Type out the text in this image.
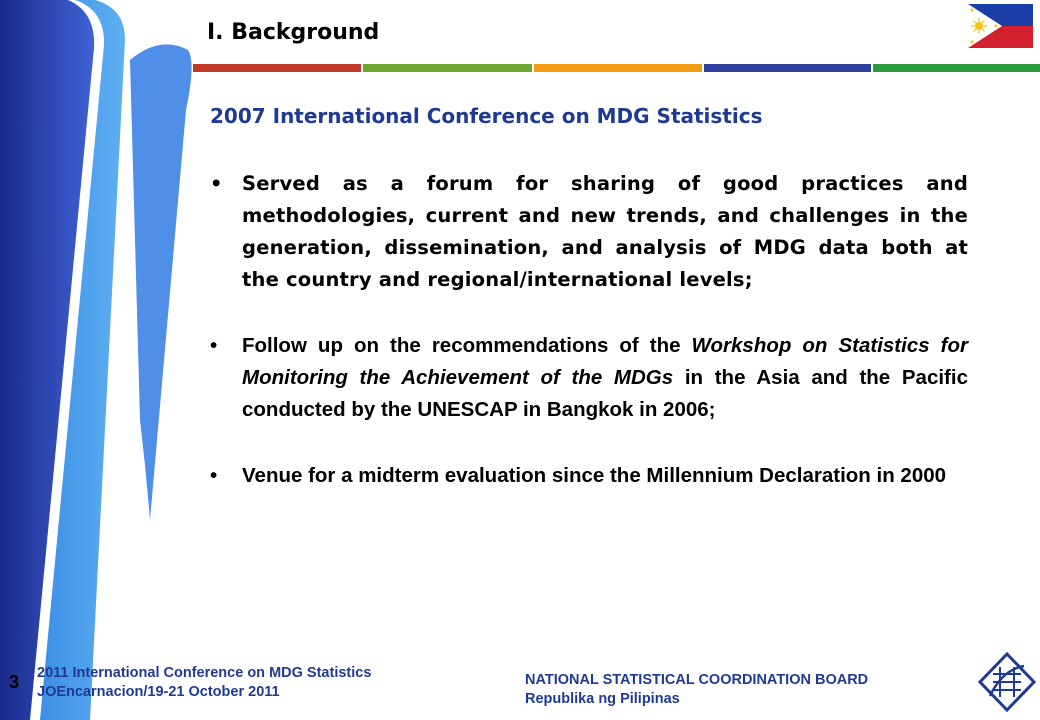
I. Background
2007 International Conference on MDG Statistics
• Served as a forum for sharing of good practices and methodologies, current and new trends, and challenges in the generation, dissemination, and analysis of MDG data both at the country and regional/international levels;
• Follow up on the recommendations of the Workshop on Statistics for Monitoring the Achievement of the MDGs in the Asia and the Pacific conducted by the UNESCAP in Bangkok in 2006;
• Venue for a midterm evaluation since the Millennium Declaration in 2000
3 2011 International Conference on MDG Statistics
JOEncarnacion/19-21 October 2011
NATIONAL STATISTICAL COORDINATION BOARD
Republika ng Pilipinas
